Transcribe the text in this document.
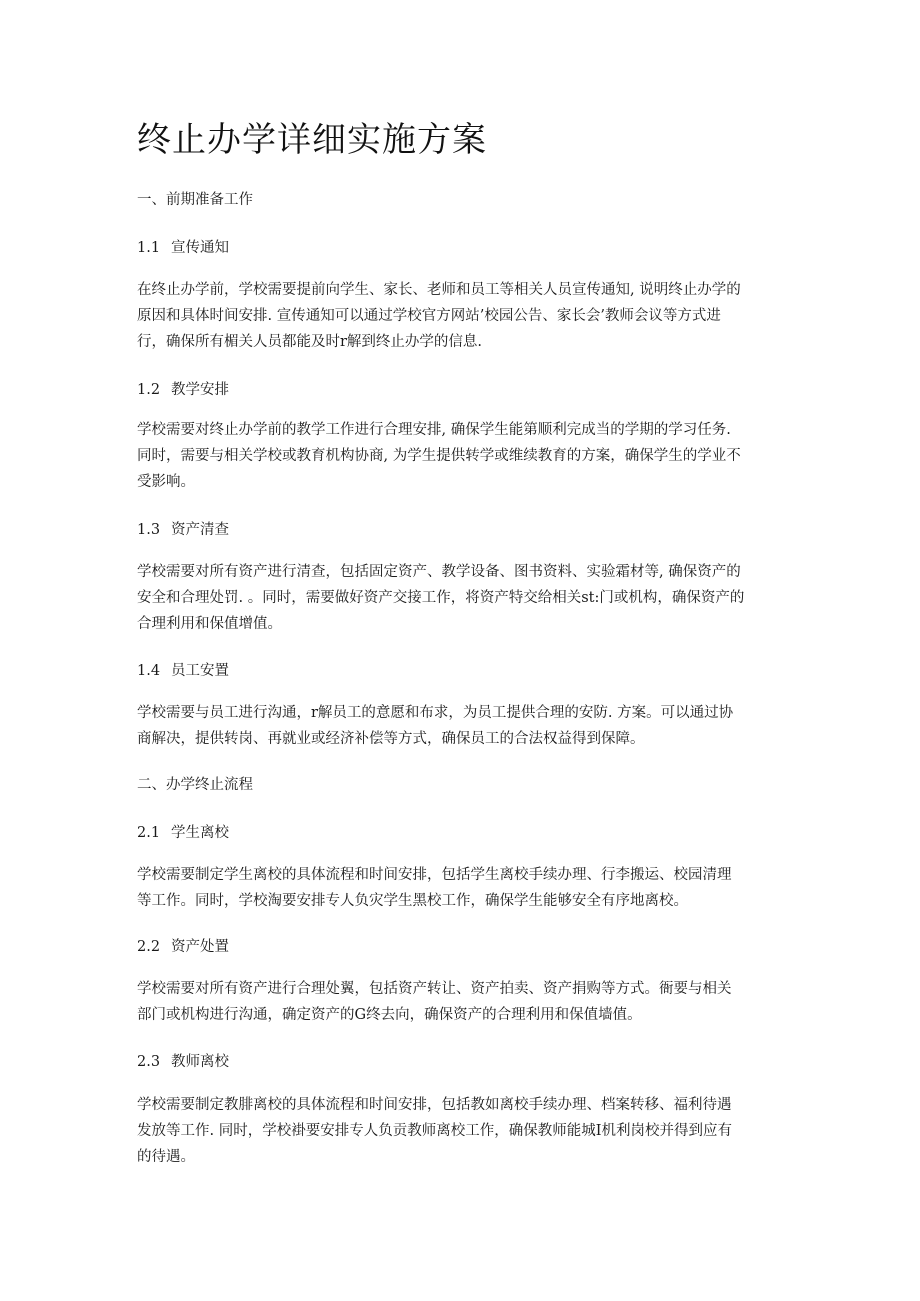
终止办学详细实施方案

一、前期准备工作

1.1 宣传通知

在终止办学前，学校需要提前向学生、家长、老师和员工等相关人员宣传通知, 说明终止办学的
原因和具体时间安排. 宣传通知可以通过学校官方网站’校园公告、家长会’教师会议等方式进
行，确保所有楣关人员都能及时r解到终止办学的信息.

1.2 教学安排

学校需要对终止办学前的教学工作进行合理安排, 确保学生能第顺利完成当的学期的学习任务.
同时，需要与相关学校或教育机构协商, 为学生提供转学或维续教育的方案，确保学生的学业不
受影响。

1.3 资产清查

学校需要对所有资产进行清查，包括固定资产、教学设备、图书资料、实验霜材等, 确保资产的
安全和合理处罚. 。同时，需要做好资产交接工作，将资产特交给相关st:门或机构，确保资产的
合理利用和保值增值。

1.4 员工安置

学校需要与员工进行沟通，r解员工的意愿和布求，为员工提供合理的安防. 方案。可以通过协
商解决，提供转岗、再就业或经济补偿等方式，确保员工的合法权益得到保障。

二、办学终止流程

2.1 学生离校

学校需要制定学生离校的具体流程和时间安排，包括学生离校手续办理、行李搬运、校园清理
等工作。同时，学校淘要安排专人负灾学生黑校工作，确保学生能够安全有序地离校。

2.2 资产处置

学校需要对所有资产进行合理处翼，包括资产转让、资产拍卖、资产捐购等方式。衙要与相关
部门或机构进行沟通，确定资产的G终去向，确保资产的合理利用和保值墙值。

2.3 教师离校

学校需要制定教腓离校的具体流程和时间安排，包括教如离校手续办理、档案转移、福利待遇
发放等工作. 同时，学校褂要安排专人负贡教师离校工作，确保教师能城I机利岗校并得到应有
的待遇。
